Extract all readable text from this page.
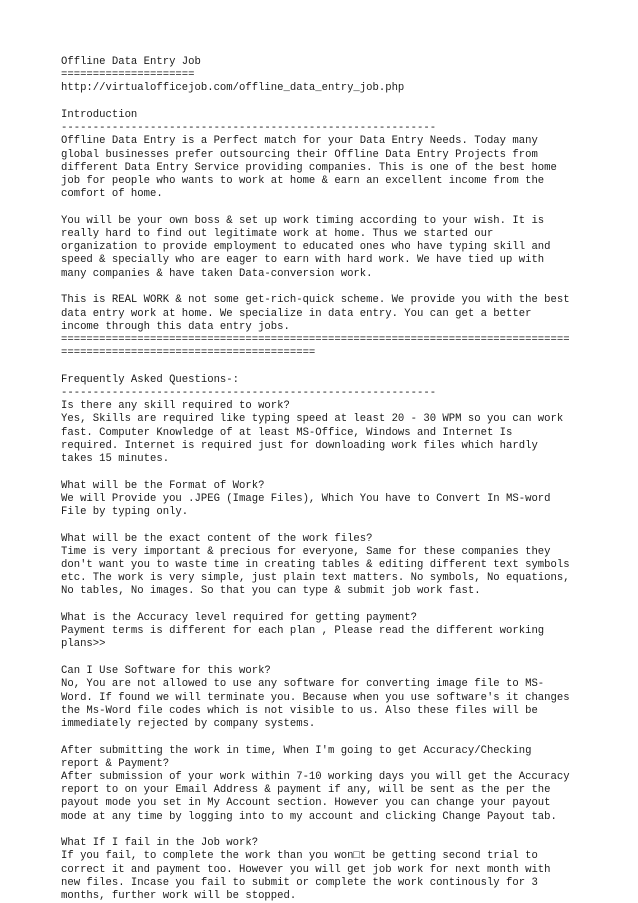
Offline Data Entry Job
=====================
http://virtualofficejob.com/offline_data_entry_job.php
Introduction
-----------------------------------------------------------
Offline Data Entry is a Perfect match for your Data Entry Needs. Today many
global businesses prefer outsourcing their Offline Data Entry Projects from
different Data Entry Service providing companies. This is one of the best home
job for people who wants to work at home & earn an excellent income from the
comfort of home.
You will be your own boss & set up work timing according to your wish. It is
really hard to find out legitimate work at home. Thus we started our
organization to provide employment to educated ones who have typing skill and
speed & specially who are eager to earn with hard work. We have tied up with
many companies & have taken Data-conversion work.
This is REAL WORK & not some get-rich-quick scheme. We provide you with the best
data entry work at home. We specialize in data entry. You can get a better
income through this data entry jobs.
================================================================================
========================================
Frequently Asked Questions-:
-----------------------------------------------------------
Is there any skill required to work?
Yes, Skills are required like typing speed at least 20 - 30 WPM so you can work
fast. Computer Knowledge of at least MS-Office, Windows and Internet Is
required. Internet is required just for downloading work files which hardly
takes 15 minutes.
What will be the Format of Work?
We will Provide you .JPEG (Image Files), Which You have to Convert In MS-word
File by typing only.
What will be the exact content of the work files?
Time is very important & precious for everyone, Same for these companies they
don't want you to waste time in creating tables & editing different text symbols
etc. The work is very simple, just plain text matters. No symbols, No equations,
No tables, No images. So that you can type & submit job work fast.
What is the Accuracy level required for getting payment?
Payment terms is different for each plan , Please read the different working
plans>>
Can I Use Software for this work?
No, You are not allowed to use any software for converting image file to MS-
Word. If found we will terminate you. Because when you use software's it changes
the Ms-Word file codes which is not visible to us. Also these files will be
immediately rejected by company systems.
After submitting the work in time, When I'm going to get Accuracy/Checking
report & Payment?
After submission of your work within 7-10 working days you will get the Accuracy
report to on your Email Address & payment if any, will be sent as the per the
payout mode you set in My Account section. However you can change your payout
mode at any time by logging into to my account and clicking Change Payout tab.
What If I fail in the Job work?
If you fail, to complete the work than you won□t be getting second trial to
correct it and payment too. However you will get job work for next month with
new files. Incase you fail to submit or complete the work continously for 3
months, further work will be stopped.
